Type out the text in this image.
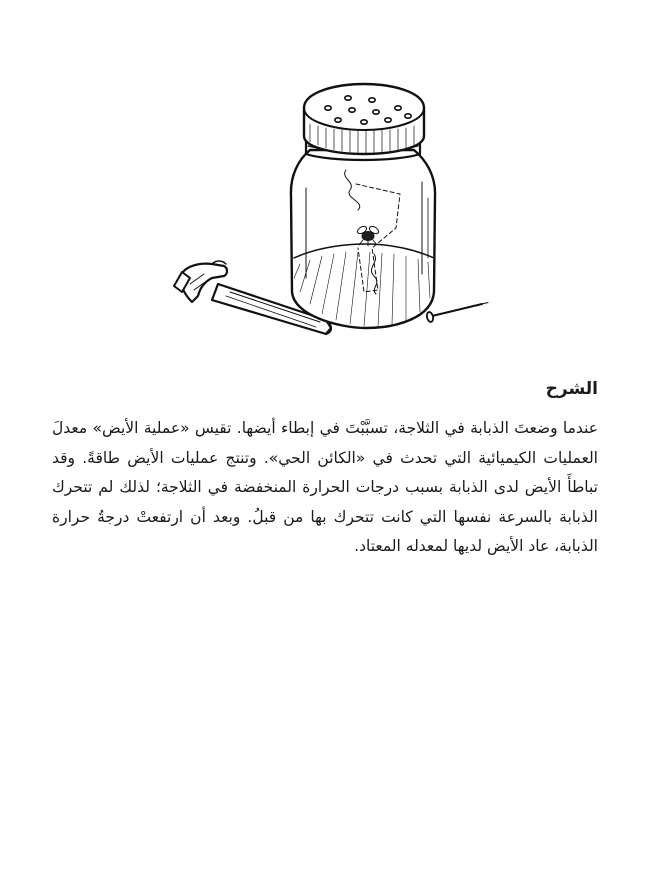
الشرح

عندما وضعتَ الذبابة في الثلاجة، تسبَّبْتَ في إبطاء أيضها. تقيس «عملية الأيض» معدلَ العمليات الكيميائية التي تحدث في «الكائن الحي». وتنتج عمليات الأيض طاقةً. وقد تباطأَ الأيض لدى الذبابة بسبب درجات الحرارة المنخفضة في الثلاجة؛ لذلك لم تتحرك الذبابة بالسرعة نفسها التي كانت تتحرك بها من قبلُ. وبعد أن ارتفعتْ درجةُ حرارة الذبابة، عاد الأيض لديها لمعدله المعتاد.
